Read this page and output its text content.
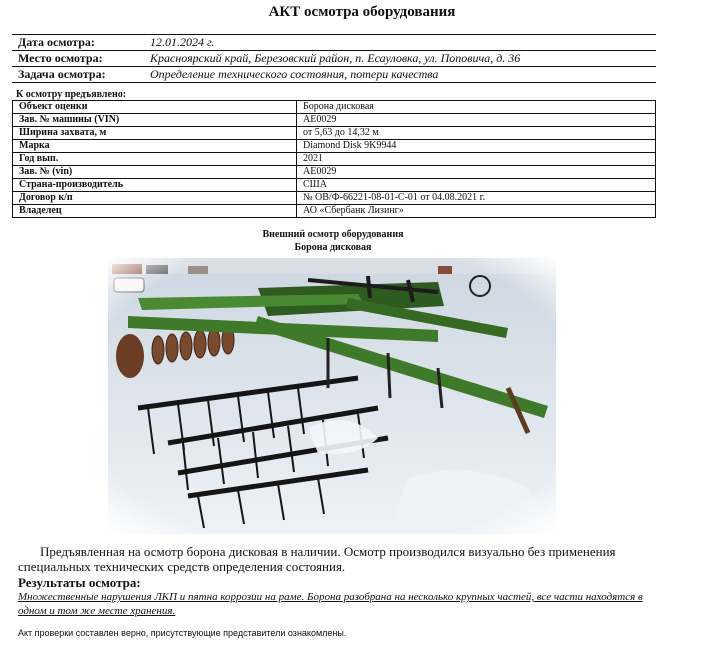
АКТ осмотра оборудования
Дата осмотра:	12.01.2024 г.
Место осмотра:	Красноярский край, Березовский район, п. Есауловка, ул. Поповича, д. 36
Задача осмотра:	Определение технического состояния, потери качества
К осмотру предъявлено:
Объект оценки	Борона дисковая
Зав. № машины (VIN)	AE0029
Ширина захвата, м	от 5,63 до 14,32 м
Марка	Diamond Disk 9K9944
Год вып.	2021
Зав. № (vin)	AE0029
Страна-производитель	США
Договор к/п	№ ОВ/Ф-66221-08-01-С-01 от 04.08.2021 г.
Владелец	АО «Сбербанк Лизинг»
Внешний осмотр оборудования
Борона дисковая
Предъявленная на осмотр борона дисковая в наличии. Осмотр производился визуально без применения специальных технических средств определения состояния.
Результаты осмотра:
Множественные нарушения ЛКП и пятна коррозии на раме. Борона разобрана на несколько крупных частей, все части находятся в одном и том же месте хранения.
Акт проверки составлен верно, присутствующие представители ознакомлены.
